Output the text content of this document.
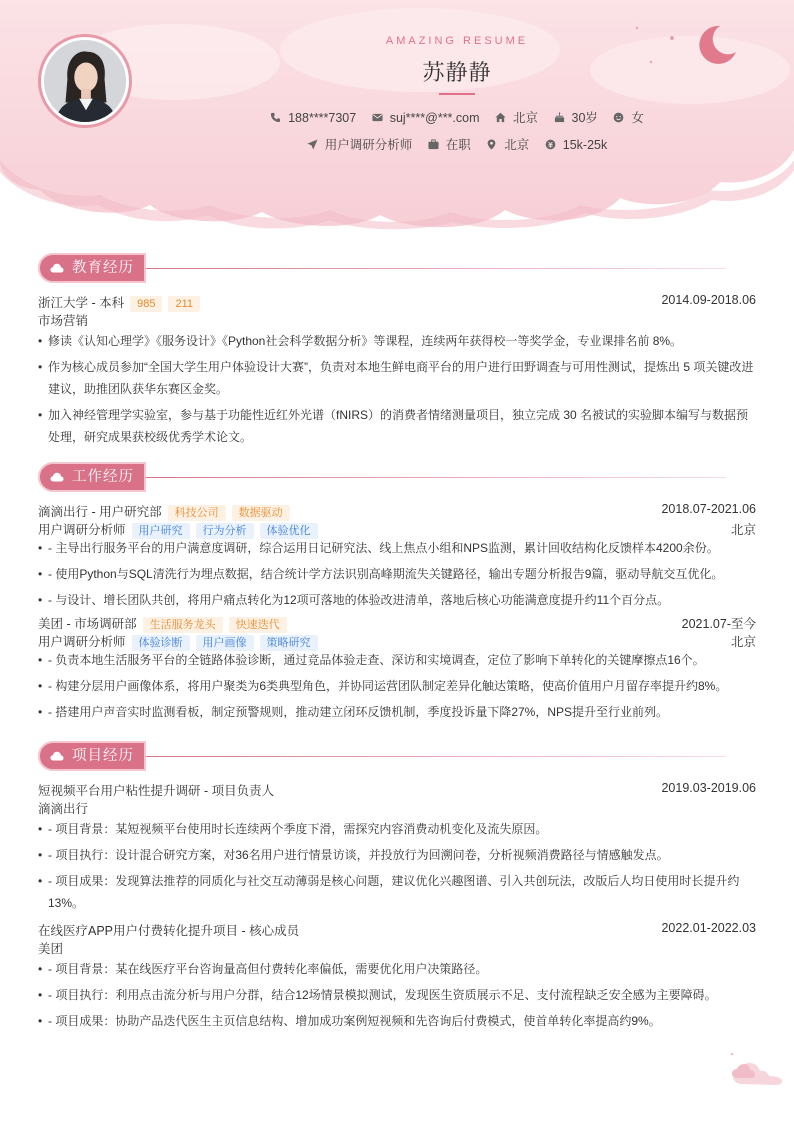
AMAZING RESUME
苏静静
188****7307	suj****@***.com	北京	30岁	女
用户调研分析师	在职	北京	15k-25k
教育经历
浙江大学 - 本科 985 211	2014.09-2018.06
市场营销
• 修读《认知心理学》《服务设计》《Python社会科学数据分析》等课程，连续两年获得校一等奖学金，专业课排名前 8%。
• 作为核心成员参加“全国大学生用户体验设计大赛”，负责对本地生鲜电商平台的用户进行田野调查与可用性测试，提炼出 5 项关键改进建议，助推团队获华东赛区金奖。
• 加入神经管理学实验室，参与基于功能性近红外光谱（fNIRS）的消费者情绪测量项目，独立完成 30 名被试的实验脚本编写与数据预处理，研究成果获校级优秀学术论文。
工作经历
滴滴出行 - 用户研究部 科技公司 数据驱动	2018.07-2021.06
用户调研分析师 用户研究 行为分析 体验优化	北京
• - 主导出行服务平台的用户满意度调研，综合运用日记研究法、线上焦点小组和NPS监测，累计回收结构化反馈样本4200余份。
• - 使用Python与SQL清洗行为埋点数据，结合统计学方法识别高峰期流失关键路径，输出专题分析报告9篇，驱动导航交互优化。
• - 与设计、增长团队共创，将用户痛点转化为12项可落地的体验改进清单，落地后核心功能满意度提升约11个百分点。
美团 - 市场调研部 生活服务龙头 快速迭代	2021.07-至今
用户调研分析师 体验诊断 用户画像 策略研究	北京
• - 负责本地生活服务平台的全链路体验诊断，通过竞品体验走查、深访和实境调查，定位了影响下单转化的关键摩擦点16个。
• - 构建分层用户画像体系，将用户聚类为6类典型角色，并协同运营团队制定差异化触达策略，使高价值用户月留存率提升约8%。
• - 搭建用户声音实时监测看板，制定预警规则，推动建立闭环反馈机制，季度投诉量下降27%，NPS提升至行业前列。
项目经历
短视频平台用户粘性提升调研 - 项目负责人	2019.03-2019.06
滴滴出行
• - 项目背景：某短视频平台使用时长连续两个季度下滑，需探究内容消费动机变化及流失原因。
• - 项目执行：设计混合研究方案，对36名用户进行情景访谈，并投放行为回溯问卷，分析视频消费路径与情感触发点。
• - 项目成果：发现算法推荐的同质化与社交互动薄弱是核心问题，建议优化兴趣图谱、引入共创玩法，改版后人均日使用时长提升约13%。
在线医疗APP用户付费转化提升项目 - 核心成员	2022.01-2022.03
美团
• - 项目背景：某在线医疗平台咨询量高但付费转化率偏低，需要优化用户决策路径。
• - 项目执行：利用点击流分析与用户分群，结合12场情景模拟测试，发现医生资质展示不足、支付流程缺乏安全感为主要障碍。
• - 项目成果：协助产品迭代医生主页信息结构、增加成功案例短视频和先咨询后付费模式，使首单转化率提高约9%。
